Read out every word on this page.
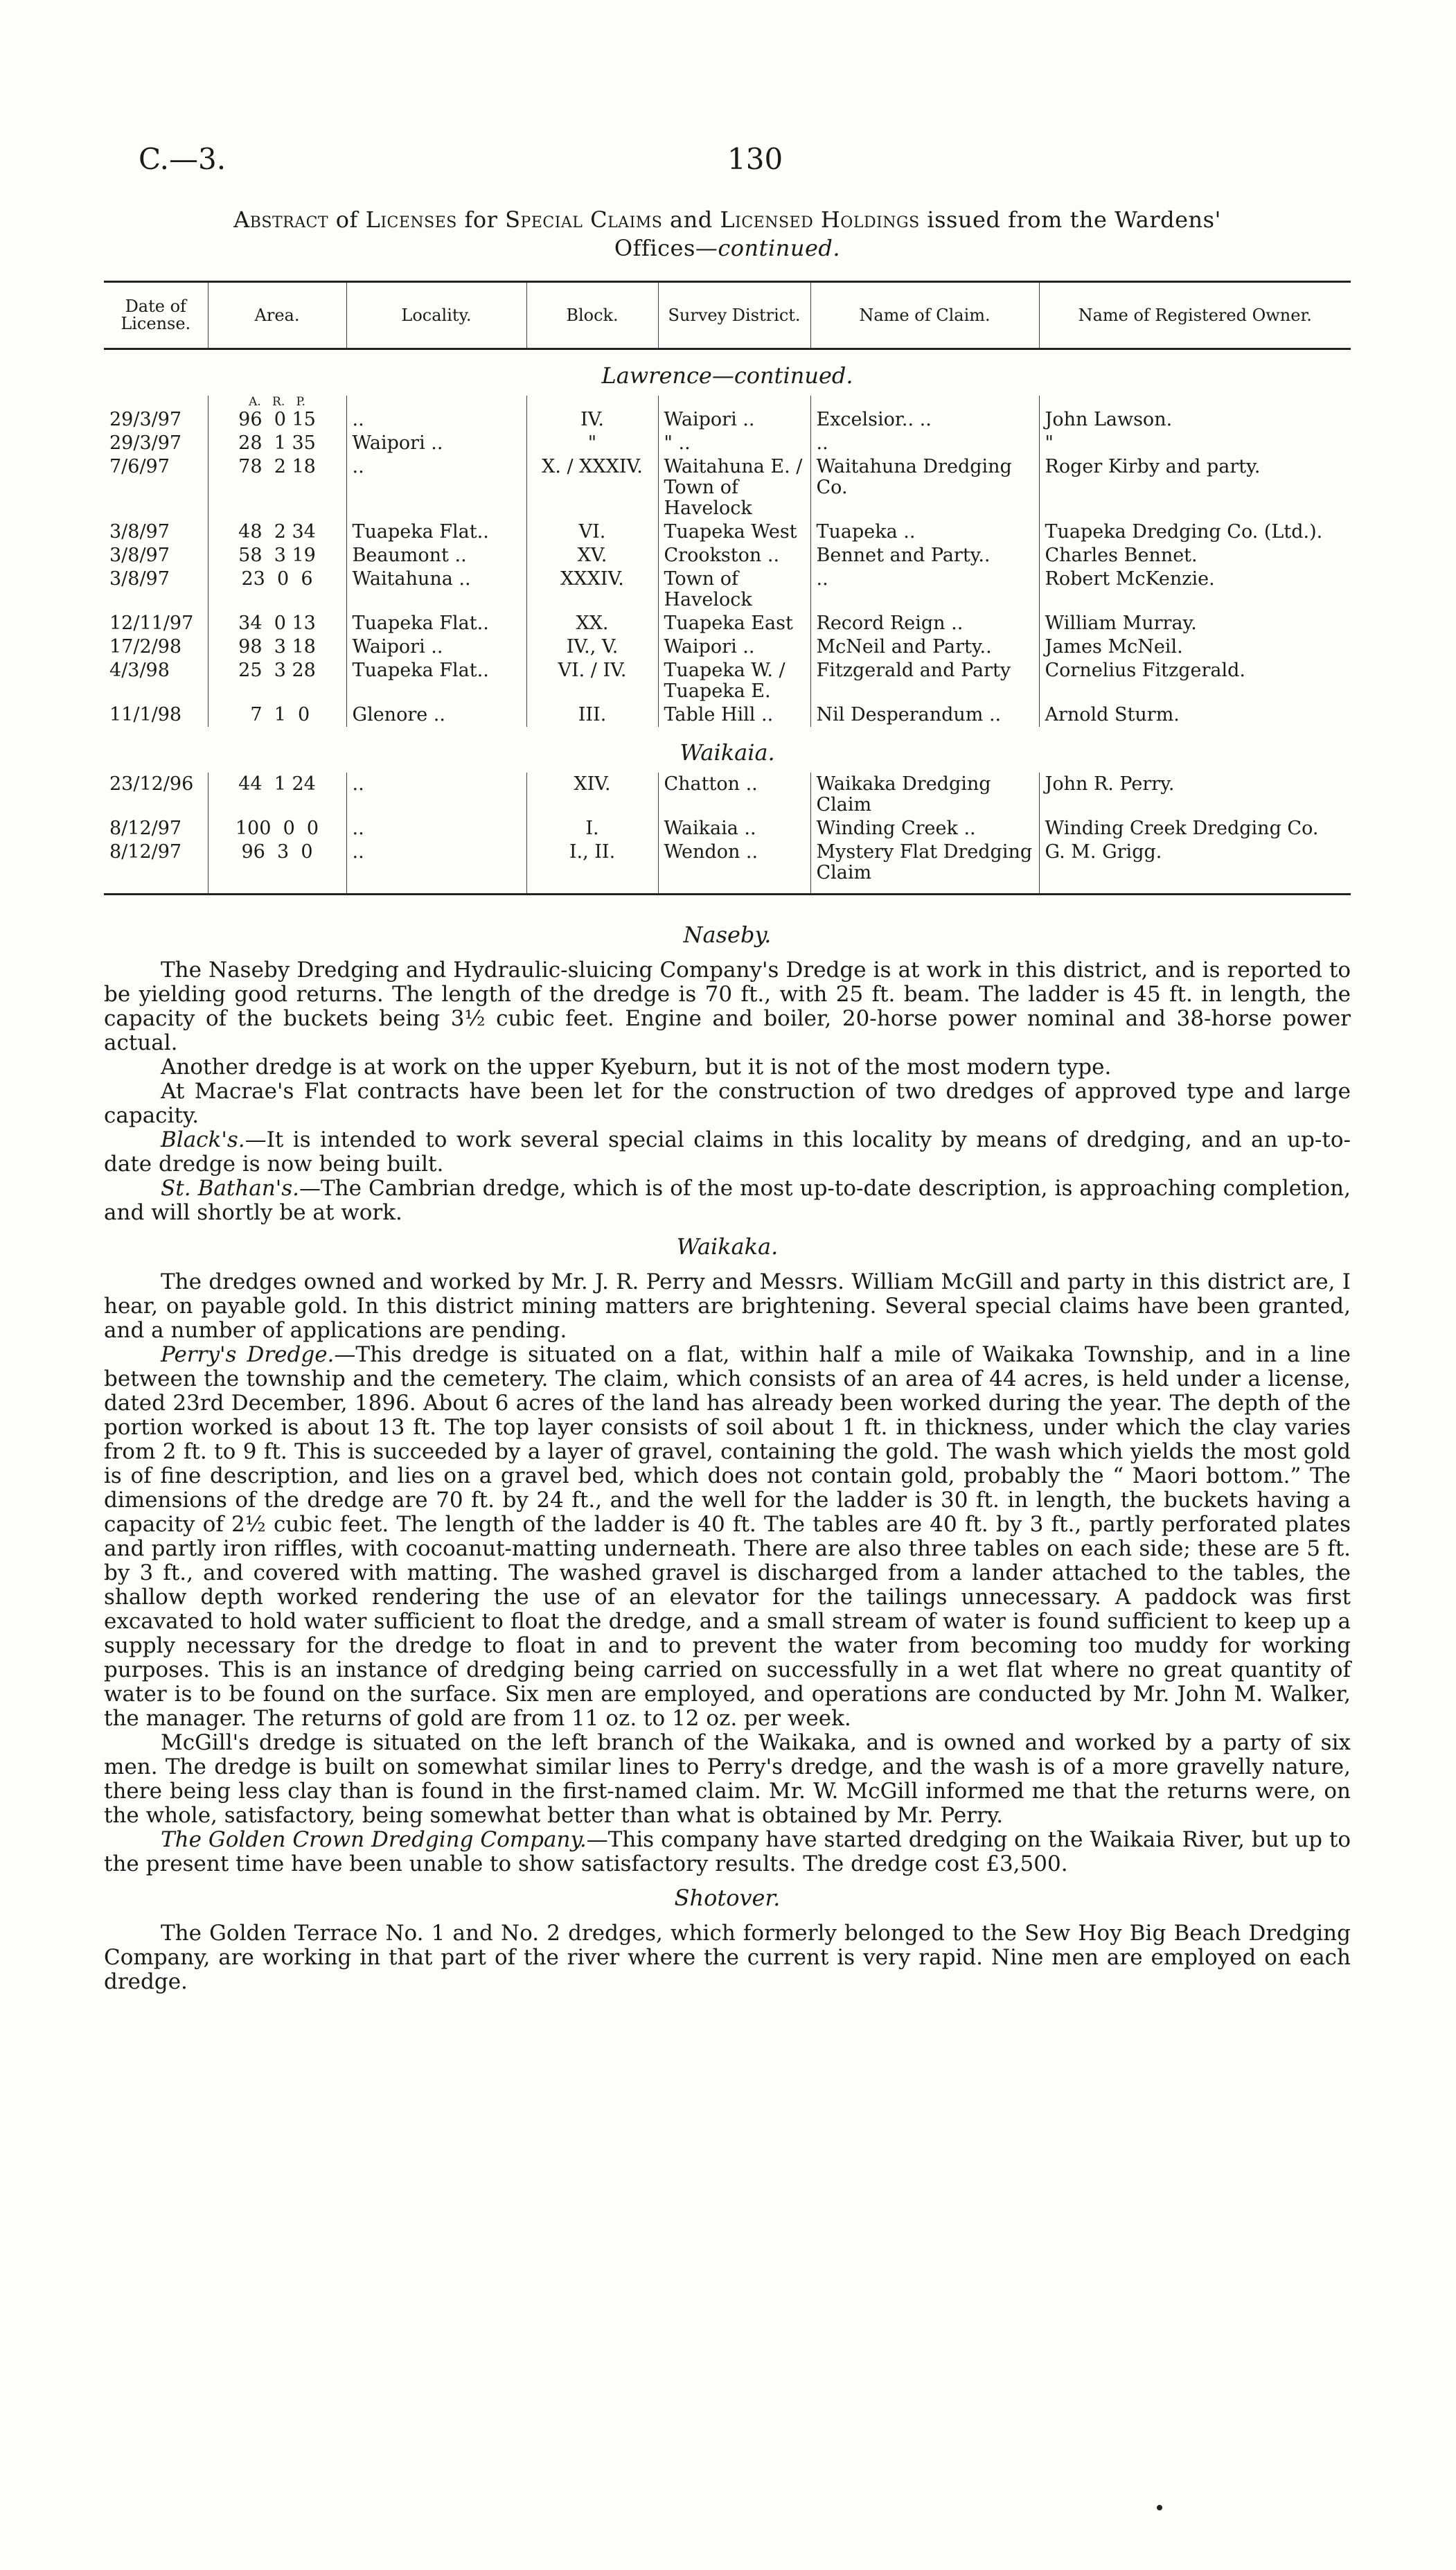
C.—3.	130
Abstract of Licenses for Special Claims and Licensed Holdings issued from the Wardens'
Offices—continued.
Date of License.	Area.	Locality.	Block.	Survey District.	Name of Claim.	Name of Registered Owner.
Lawrence—continued.						
	A.   R.   P.					
29/3/97	96  0 15	..	IV.	Waipori ..	Excelsior.. ..	John Lawson.
29/3/97	28  1 35	Waipori ..	"	" ..	..	"
7/6/97	78  2 18	..	X. / XXXIV.	Waitahuna E. / Town of Havelock	Waitahuna Dredging Co.	Roger Kirby and party.
3/8/97	48  2 34	Tuapeka Flat..	VI.	Tuapeka West	Tuapeka ..	Tuapeka Dredging Co. (Ltd.).
3/8/97	58  3 19	Beaumont ..	XV.	Crookston ..	Bennet and Party..	Charles Bennet.
3/8/97	23  0  6	Waitahuna ..	XXXIV.	Town of Havelock	..	Robert McKenzie.
12/11/97	34  0 13	Tuapeka Flat..	XX.	Tuapeka East	Record Reign ..	William Murray.
17/2/98	98  3 18	Waipori ..	IV., V.	Waipori ..	McNeil and Party..	James McNeil.
4/3/98	25  3 28	Tuapeka Flat..	VI. / IV.	Tuapeka W. / Tuapeka E.	Fitzgerald and Party	Cornelius Fitzgerald.
11/1/98	7  1  0	Glenore ..	III.	Table Hill ..	Nil Desperandum ..	Arnold Sturm.
Waikaia.						
23/12/96	44  1 24	..	XIV.	Chatton ..	Waikaka Dredging Claim	John R. Perry.
8/12/97	100  0  0	..	I.	Waikaia ..	Winding Creek ..	Winding Creek Dredging Co.
8/12/97	96  3  0	..	I., II.	Wendon ..	Mystery Flat Dredging Claim	G. M. Grigg.
Naseby.

The Naseby Dredging and Hydraulic-sluicing Company's Dredge is at work in this district, and is reported to be yielding good returns. The length of the dredge is 70 ft., with 25 ft. beam. The ladder is 45 ft. in length, the capacity of the buckets being 3½ cubic feet. Engine and boiler, 20-horse power nominal and 38-horse power actual.

Another dredge is at work on the upper Kyeburn, but it is not of the most modern type.

At Macrae's Flat contracts have been let for the construction of two dredges of approved type and large capacity.

Black's.—It is intended to work several special claims in this locality by means of dredging, and an up-to-date dredge is now being built.

St. Bathan's.—The Cambrian dredge, which is of the most up-to-date description, is approaching completion, and will shortly be at work.

Waikaka.

The dredges owned and worked by Mr. J. R. Perry and Messrs. William McGill and party in this district are, I hear, on payable gold. In this district mining matters are brightening. Several special claims have been granted, and a number of applications are pending.

Perry's Dredge.—This dredge is situated on a flat, within half a mile of Waikaka Township, and in a line between the township and the cemetery. The claim, which consists of an area of 44 acres, is held under a license, dated 23rd December, 1896. About 6 acres of the land has already been worked during the year. The depth of the portion worked is about 13 ft. The top layer consists of soil about 1 ft. in thickness, under which the clay varies from 2 ft. to 9 ft. This is succeeded by a layer of gravel, containing the gold. The wash which yields the most gold is of fine description, and lies on a gravel bed, which does not contain gold, probably the “ Maori bottom.” The dimensions of the dredge are 70 ft. by 24 ft., and the well for the ladder is 30 ft. in length, the buckets having a capacity of 2½ cubic feet. The length of the ladder is 40 ft. The tables are 40 ft. by 3 ft., partly perforated plates and partly iron riffles, with cocoanut-matting underneath. There are also three tables on each side; these are 5 ft. by 3 ft., and covered with matting. The washed gravel is discharged from a lander attached to the tables, the shallow depth worked rendering the use of an elevator for the tailings unnecessary. A paddock was first excavated to hold water sufficient to float the dredge, and a small stream of water is found sufficient to keep up a supply necessary for the dredge to float in and to prevent the water from becoming too muddy for working purposes. This is an instance of dredging being carried on successfully in a wet flat where no great quantity of water is to be found on the surface. Six men are employed, and operations are conducted by Mr. John M. Walker, the manager. The returns of gold are from 11 oz. to 12 oz. per week.

McGill's dredge is situated on the left branch of the Waikaka, and is owned and worked by a party of six men. The dredge is built on somewhat similar lines to Perry's dredge, and the wash is of a more gravelly nature, there being less clay than is found in the first-named claim. Mr. W. McGill informed me that the returns were, on the whole, satisfactory, being somewhat better than what is obtained by Mr. Perry.

The Golden Crown Dredging Company.—This company have started dredging on the Waikaia River, but up to the present time have been unable to show satisfactory results. The dredge cost £3,500.

Shotover.

The Golden Terrace No. 1 and No. 2 dredges, which formerly belonged to the Sew Hoy Big Beach Dredging Company, are working in that part of the river where the current is very rapid. Nine men are employed on each dredge.
